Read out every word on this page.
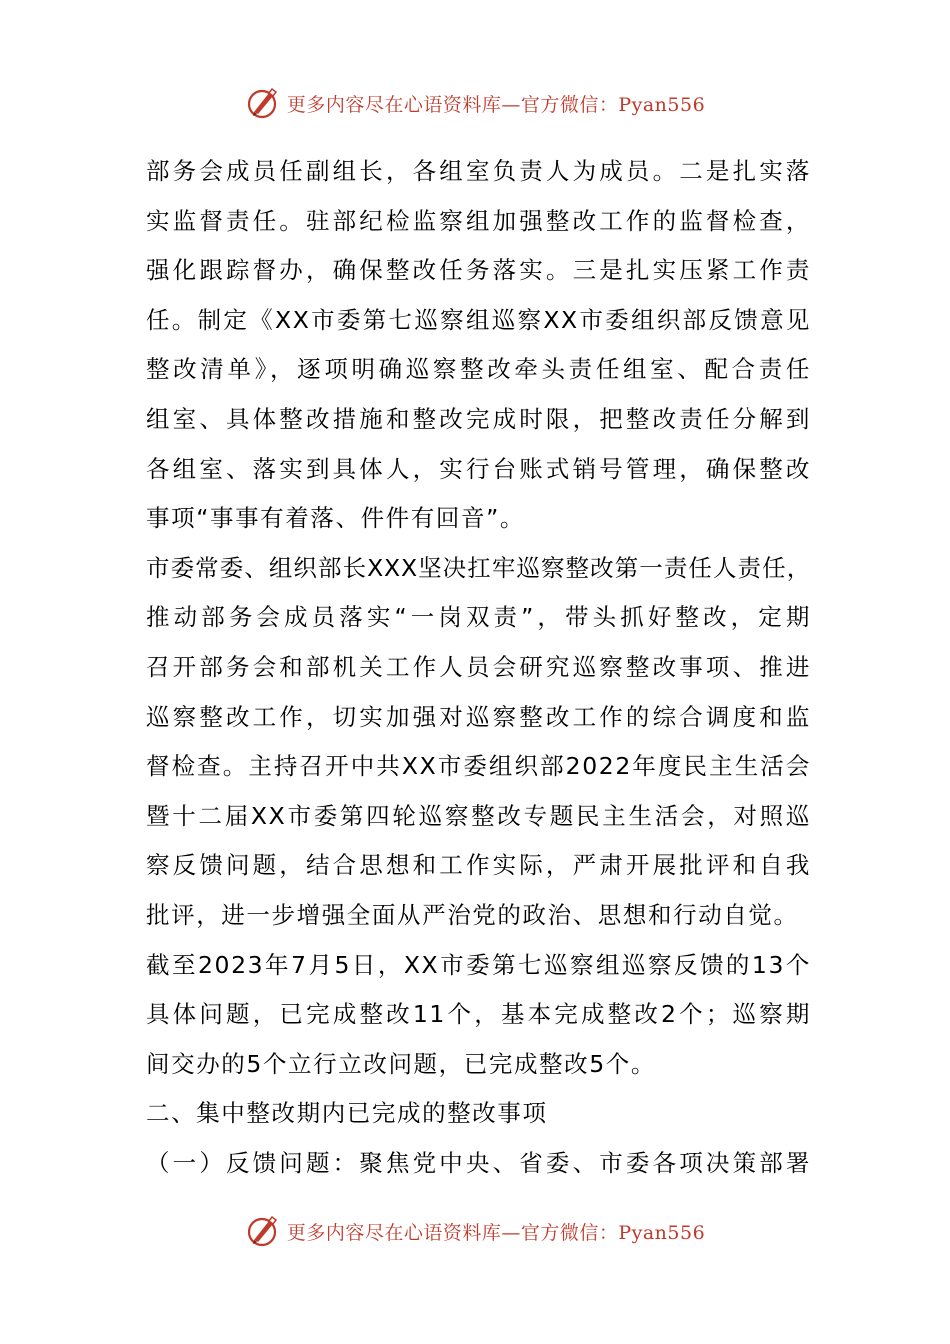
更多内容尽在心语资料库—官方微信：Pyan556
部务会成员任副组长，各组室负责人为成员。二是扎实落
实监督责任。驻部纪检监察组加强整改工作的监督检查，
强化跟踪督办，确保整改任务落实。三是扎实压紧工作责
任。制定《XX市委第七巡察组巡察XX市委组织部反馈意见
整改清单》，逐项明确巡察整改牵头责任组室、配合责任
组室、具体整改措施和整改完成时限，把整改责任分解到
各组室、落实到具体人，实行台账式销号管理，确保整改
事项“事事有着落、件件有回音”。
市委常委、组织部长XXX坚决扛牢巡察整改第一责任人责任，
推动部务会成员落实“一岗双责”，带头抓好整改，定期
召开部务会和部机关工作人员会研究巡察整改事项、推进
巡察整改工作，切实加强对巡察整改工作的综合调度和监
督检查。主持召开中共XX市委组织部2022年度民主生活会
暨十二届XX市委第四轮巡察整改专题民主生活会，对照巡
察反馈问题，结合思想和工作实际，严肃开展批评和自我
批评，进一步增强全面从严治党的政治、思想和行动自觉。
截至2023年7月5日，XX市委第七巡察组巡察反馈的13个
具体问题，已完成整改11个，基本完成整改2个；巡察期
间交办的5个立行立改问题，已完成整改5个。
二、集中整改期内已完成的整改事项
（一）反馈问题：聚焦党中央、省委、市委各项决策部署
更多内容尽在心语资料库—官方微信：Pyan556
